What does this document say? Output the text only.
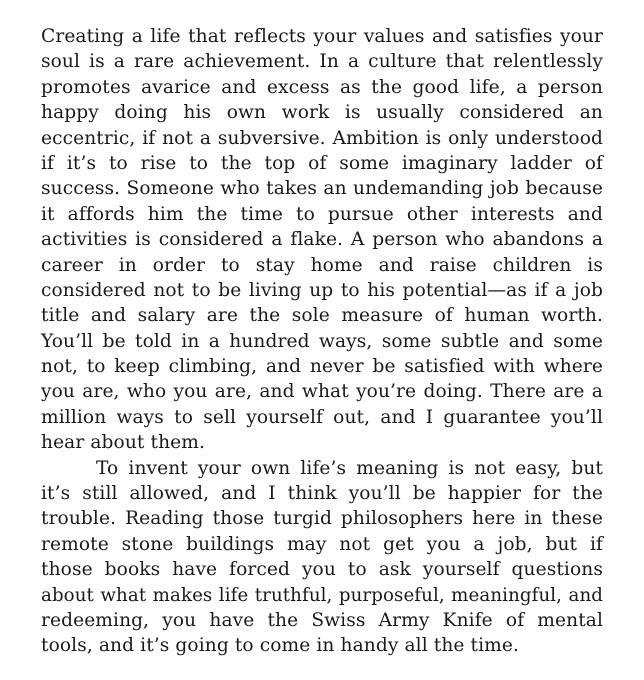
Creating a life that reflects your values and satisfies your
soul is a rare achievement. In a culture that relentlessly
promotes avarice and excess as the good life, a person
happy doing his own work is usually considered an
eccentric, if not a subversive. Ambition is only understood
if it’s to rise to the top of some imaginary ladder of
success. Someone who takes an undemanding job because
it affords him the time to pursue other interests and
activities is considered a flake. A person who abandons a
career in order to stay home and raise children is
considered not to be living up to his potential—as if a job
title and salary are the sole measure of human worth.
You’ll be told in a hundred ways, some subtle and some
not, to keep climbing, and never be satisfied with where
you are, who you are, and what you’re doing. There are a
million ways to sell yourself out, and I guarantee you’ll
hear about them.
To invent your own life’s meaning is not easy, but
it’s still allowed, and I think you’ll be happier for the
trouble. Reading those turgid philosophers here in these
remote stone buildings may not get you a job, but if
those books have forced you to ask yourself questions
about what makes life truthful, purposeful, meaningful, and
redeeming, you have the Swiss Army Knife of mental
tools, and it’s going to come in handy all the time.
